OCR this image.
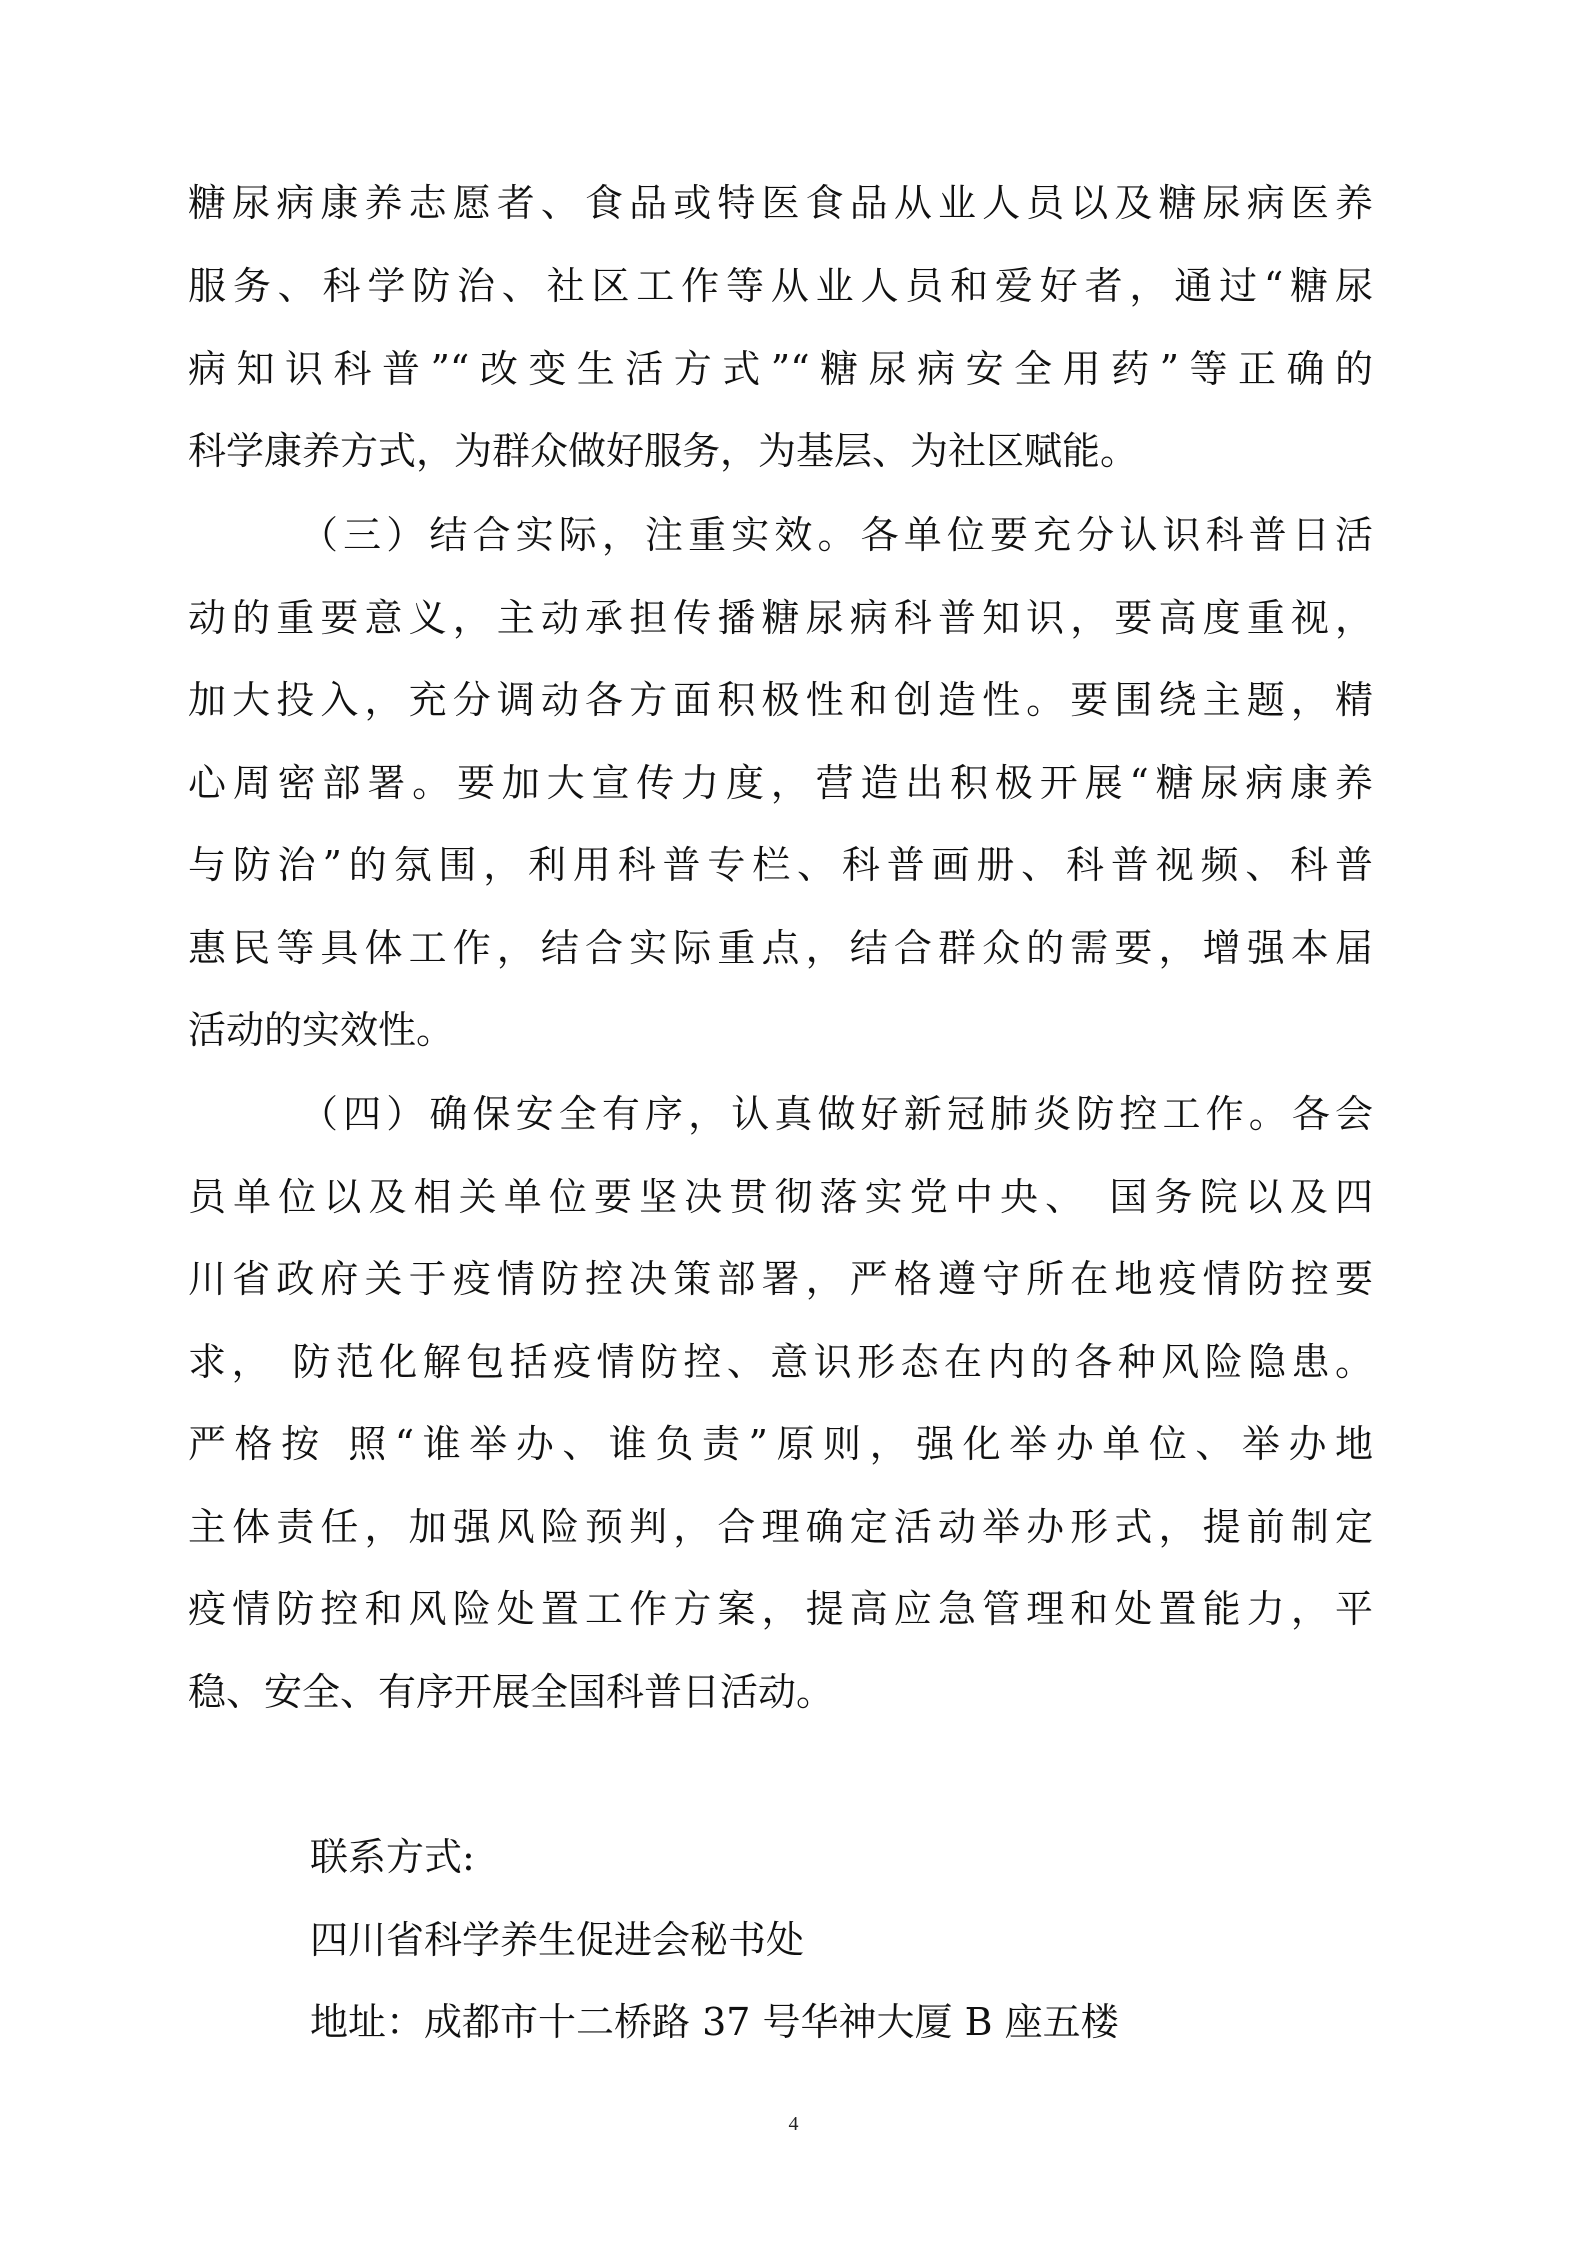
糖尿病康养志愿者、食品或特医食品从业人员以及糖尿病医养
服务、科学防治、社区工作等从业人员和爱好者，通过“糖尿
病知识科普”“改变生活方式”“糖尿病安全用药”等正确的
科学康养方式，为群众做好服务，为基层、为社区赋能。
（三）结合实际，注重实效。各单位要充分认识科普日活
动的重要意义，主动承担传播糖尿病科普知识，要高度重视，
加大投入，充分调动各方面积极性和创造性。要围绕主题，精
心周密部署。要加大宣传力度，营造出积极开展“糖尿病康养
与防治”的氛围，利用科普专栏、科普画册、科普视频、科普
惠民等具体工作，结合实际重点，结合群众的需要，增强本届
活动的实效性。
（四）确保安全有序，认真做好新冠肺炎防控工作。各会
员单位以及相关单位要坚决贯彻落实党中央、 国务院以及四
川省政府关于疫情防控决策部署，严格遵守所在地疫情防控要
求， 防范化解包括疫情防控、意识形态在内的各种风险隐患。
严格按 照“谁举办、谁负责”原则，强化举办单位、举办地
主体责任，加强风险预判，合理确定活动举办形式，提前制定
疫情防控和风险处置工作方案，提高应急管理和处置能力，平
稳、安全、有序开展全国科普日活动。
联系方式:
四川省科学养生促进会秘书处
地址：成都市十二桥路 37 号华神大厦 B 座五楼
4
